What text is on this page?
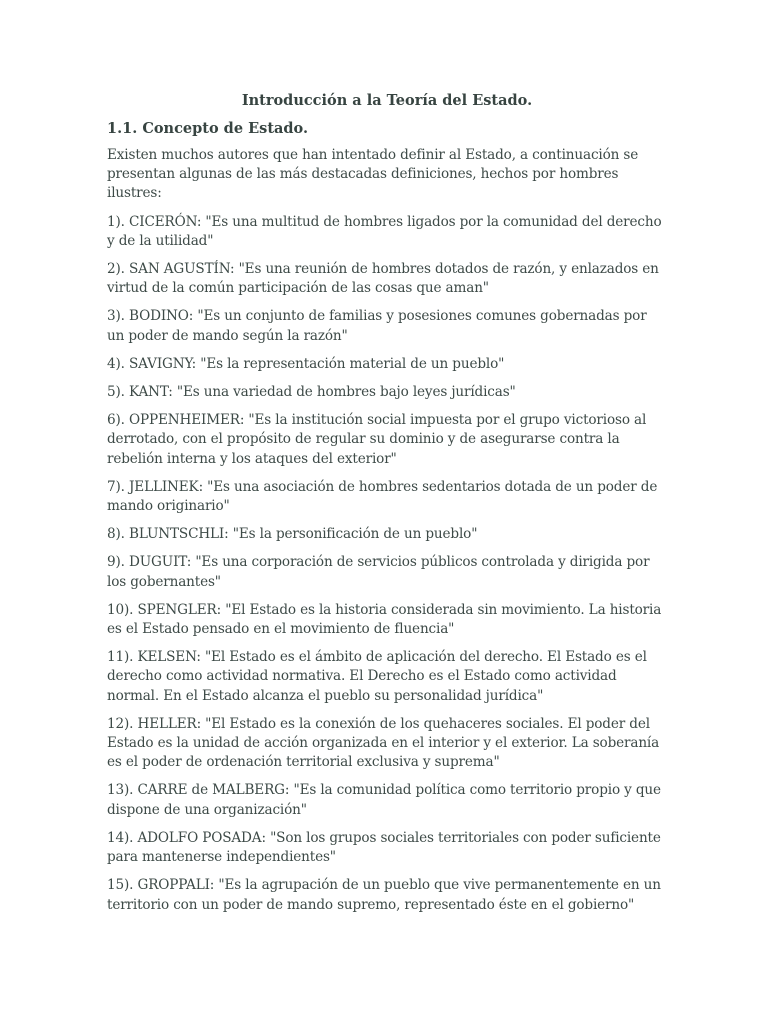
Introducción a la Teoría del Estado.
1.1. Concepto de Estado.

Existen muchos autores que han intentado definir al Estado, a continuación se presentan algunas de las más destacadas definiciones, hechos por hombres ilustres:

1). CICERÓN: "Es una multitud de hombres ligados por la comunidad del derecho y de la utilidad"

2). SAN AGUSTÍN: "Es una reunión de hombres dotados de razón, y enlazados en virtud de la común participación de las cosas que aman"

3). BODINO: "Es un conjunto de familias y posesiones comunes gobernadas por un poder de mando según la razón"

4). SAVIGNY: "Es la representación material de un pueblo"

5). KANT: "Es una variedad de hombres bajo leyes jurídicas"

6). OPPENHEIMER: "Es la institución social impuesta por el grupo victorioso al derrotado, con el propósito de regular su dominio y de asegurarse contra la rebelión interna y los ataques del exterior"

7). JELLINEK: "Es una asociación de hombres sedentarios dotada de un poder de mando originario"

8). BLUNTSCHLI: "Es la personificación de un pueblo"

9). DUGUIT: "Es una corporación de servicios públicos controlada y dirigida por los gobernantes"

10). SPENGLER: "El Estado es la historia considerada sin movimiento. La historia es el Estado pensado en el movimiento de fluencia"

11). KELSEN: "El Estado es el ámbito de aplicación del derecho. El Estado es el derecho como actividad normativa. El Derecho es el Estado como actividad normal. En el Estado alcanza el pueblo su personalidad jurídica"

12). HELLER: "El Estado es la conexión de los quehaceres sociales. El poder del Estado es la unidad de acción organizada en el interior y el exterior. La soberanía es el poder de ordenación territorial exclusiva y suprema"

13). CARRE de MALBERG: "Es la comunidad política como territorio propio y que dispone de una organización"

14). ADOLFO POSADA: "Son los grupos sociales territoriales con poder suficiente para mantenerse independientes"

15). GROPPALI: "Es la agrupación de un pueblo que vive permanentemente en un territorio con un poder de mando supremo, representado éste en el gobierno"
